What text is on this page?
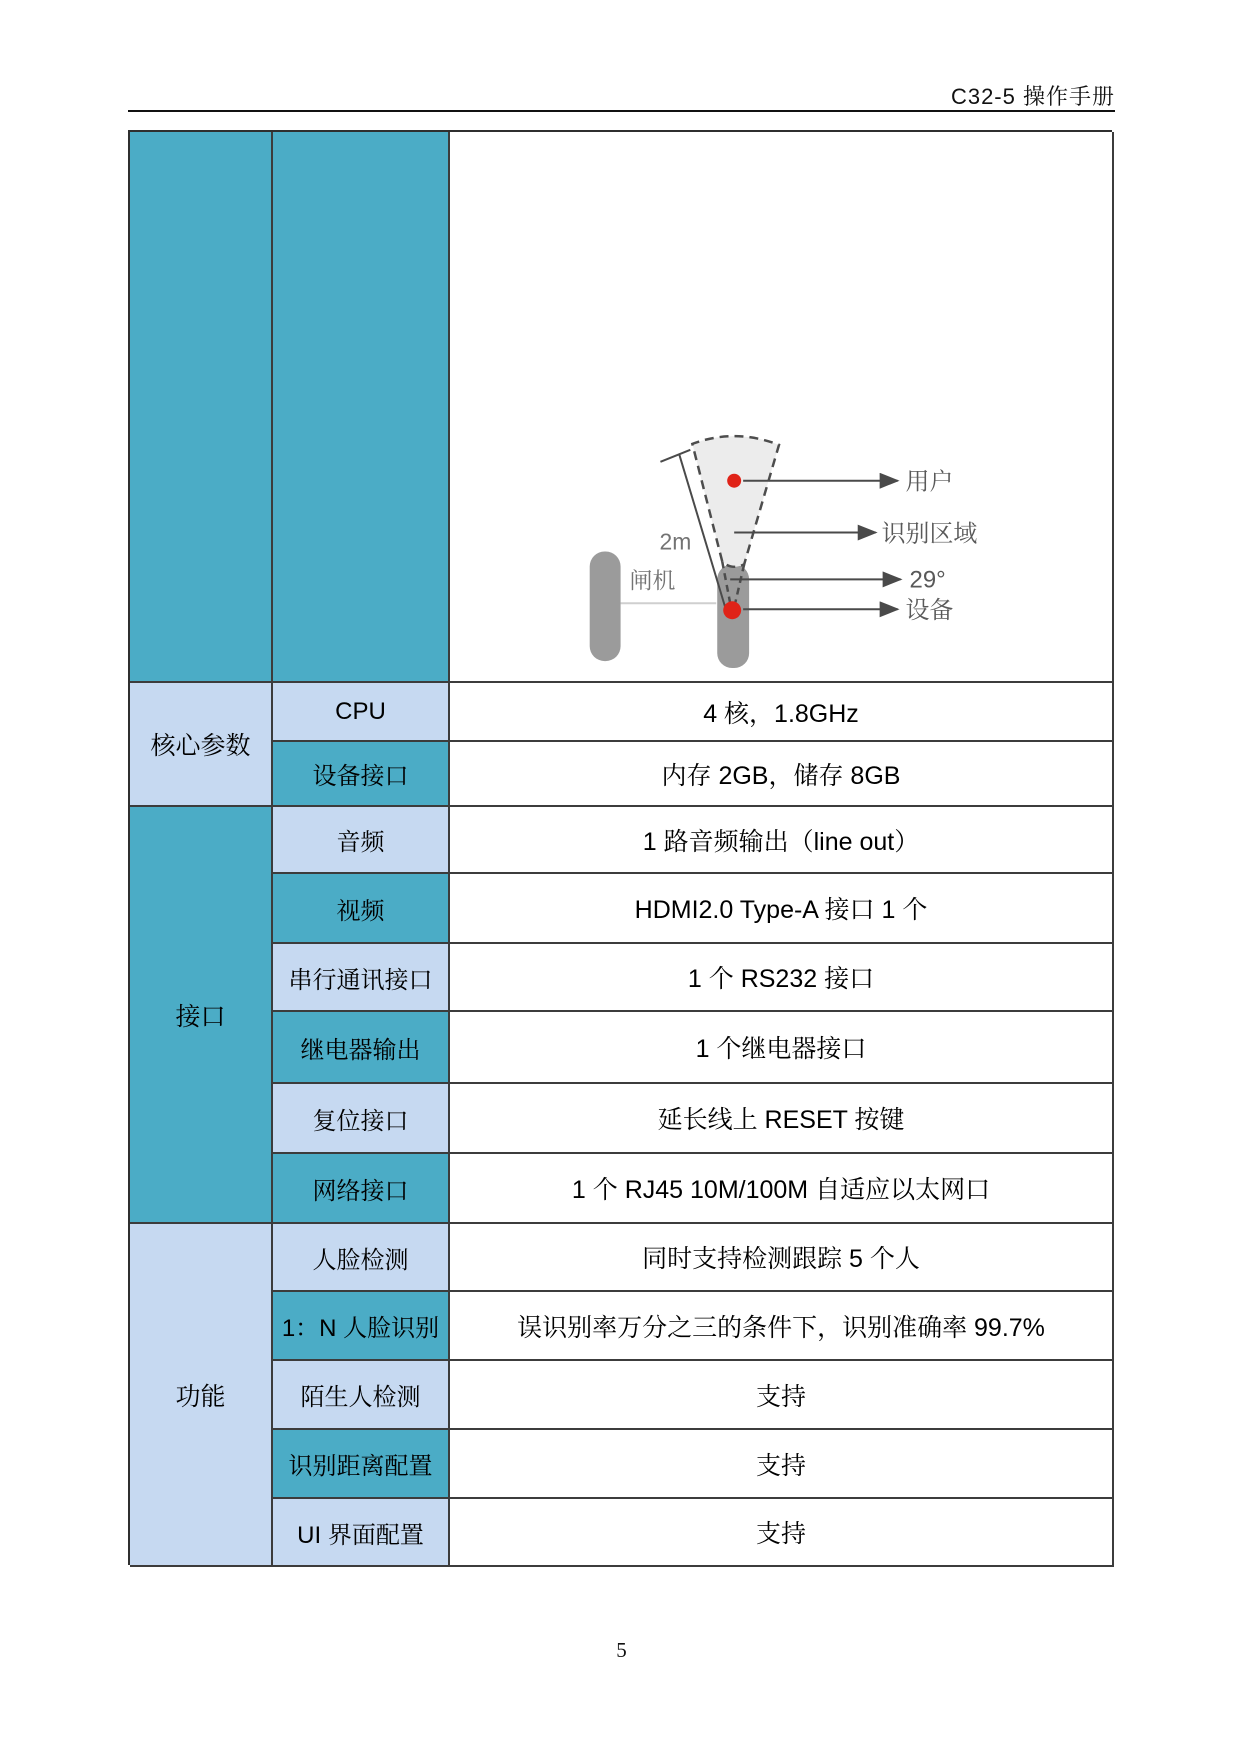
C32-5 操作手册
2m
闸机
用户
识别区域
29°
设备
核心参数
CPU	4 核，1.8GHz
设备接口	内存 2GB，储存 8GB
接口
音频	1 路音频输出（line out）
视频	HDMI2.0 Type-A 接口 1 个
串行通讯接口	1 个 RS232 接口
继电器输出	1 个继电器接口
复位接口	延长线上 RESET 按键
网络接口	1 个 RJ45 10M/100M 自适应以太网口
功能
人脸检测	同时支持检测跟踪 5 个人
1：N 人脸识别	误识别率万分之三的条件下，识别准确率 99.7%
陌生人检测	支持
识别距离配置	支持
UI 界面配置	支持
5
